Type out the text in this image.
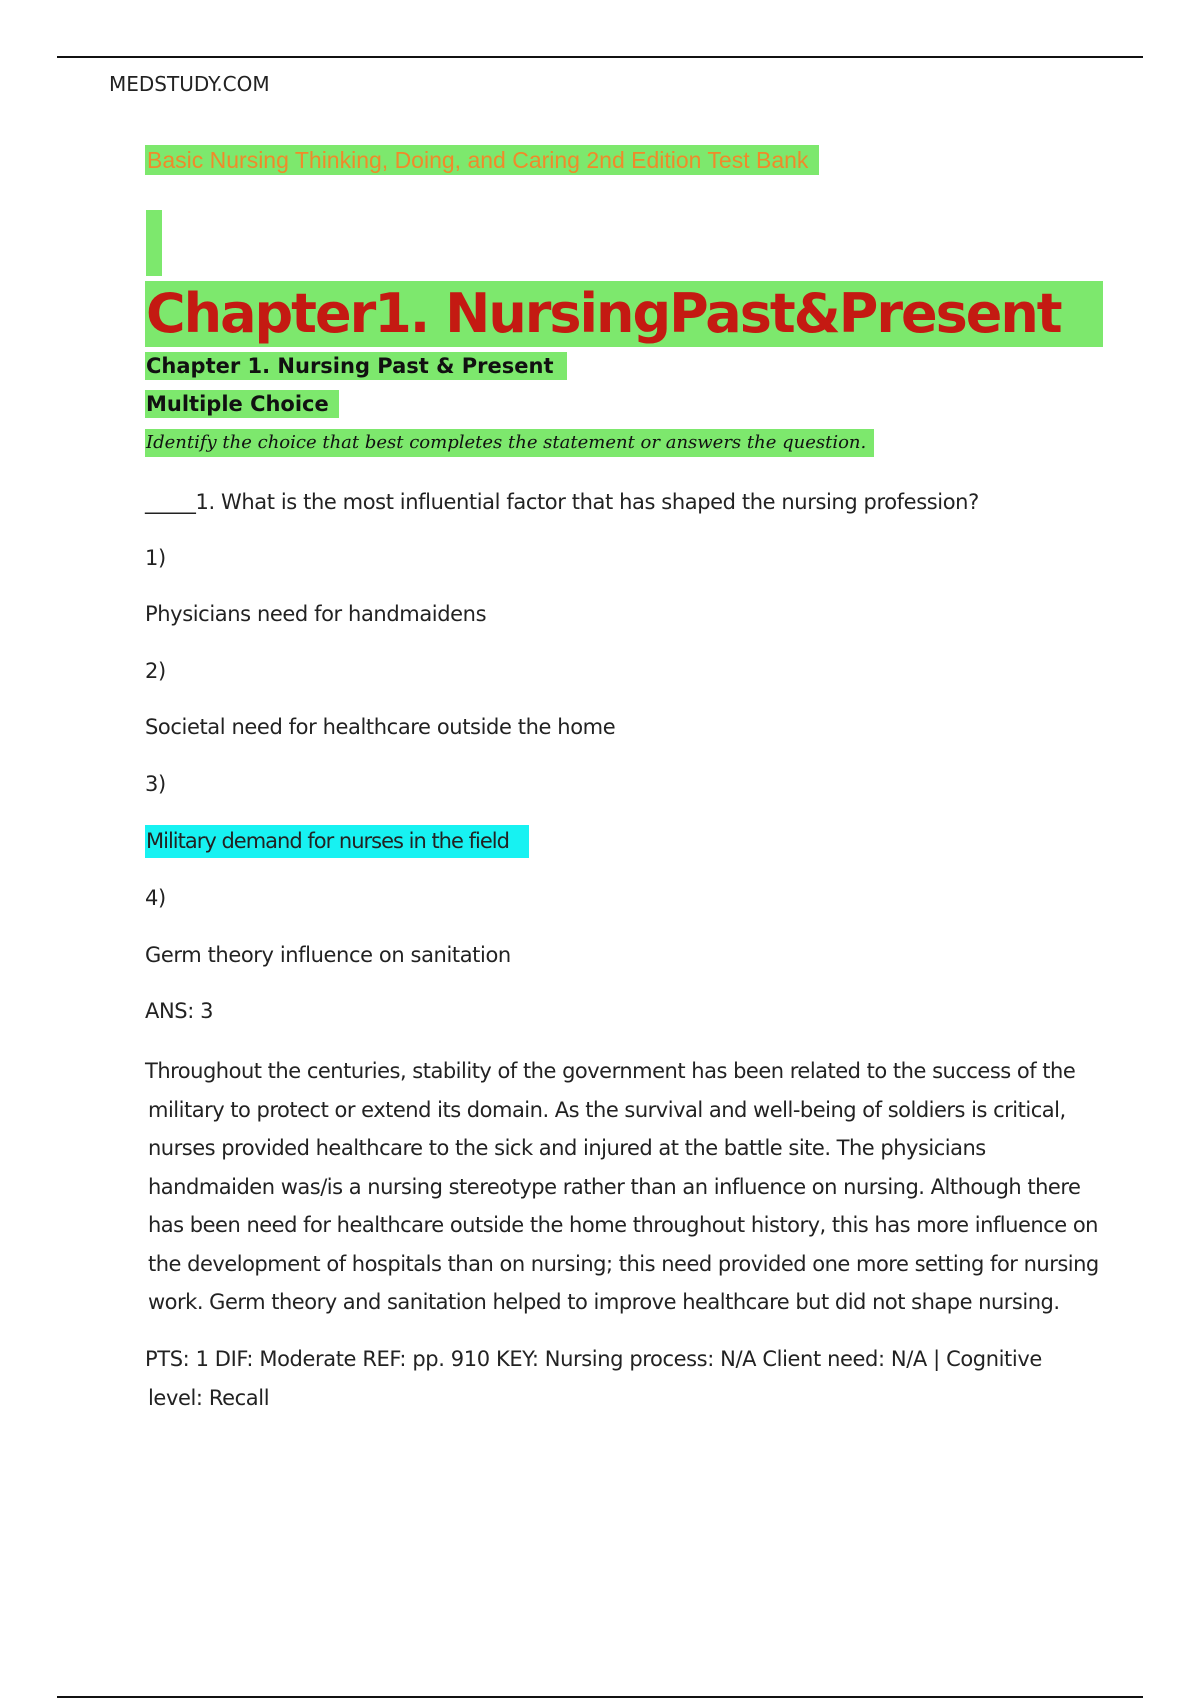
MEDSTUDY.COM
Basic Nursing Thinking, Doing, and Caring 2nd Edition Test Bank
Chapter1. NursingPast&Present
Chapter 1. Nursing Past & Present
Multiple Choice
Identify the choice that best completes the statement or answers the question.
_____1. What is the most influential factor that has shaped the nursing profession?
1)
Physicians need for handmaidens
2)
Societal need for healthcare outside the home
3)
Military demand for nurses in the field
4)
Germ theory influence on sanitation
ANS: 3
Throughout the centuries, stability of the government has been related to the success of the
military to protect or extend its domain. As the survival and well-being of soldiers is critical,
nurses provided healthcare to the sick and injured at the battle site. The physicians
handmaiden was/is a nursing stereotype rather than an influence on nursing. Although there
has been need for healthcare outside the home throughout history, this has more influence on
the development of hospitals than on nursing; this need provided one more setting for nursing
work. Germ theory and sanitation helped to improve healthcare but did not shape nursing.
PTS: 1 DIF: Moderate REF: pp. 910 KEY: Nursing process: N/A Client need: N/A | Cognitive
level: Recall
